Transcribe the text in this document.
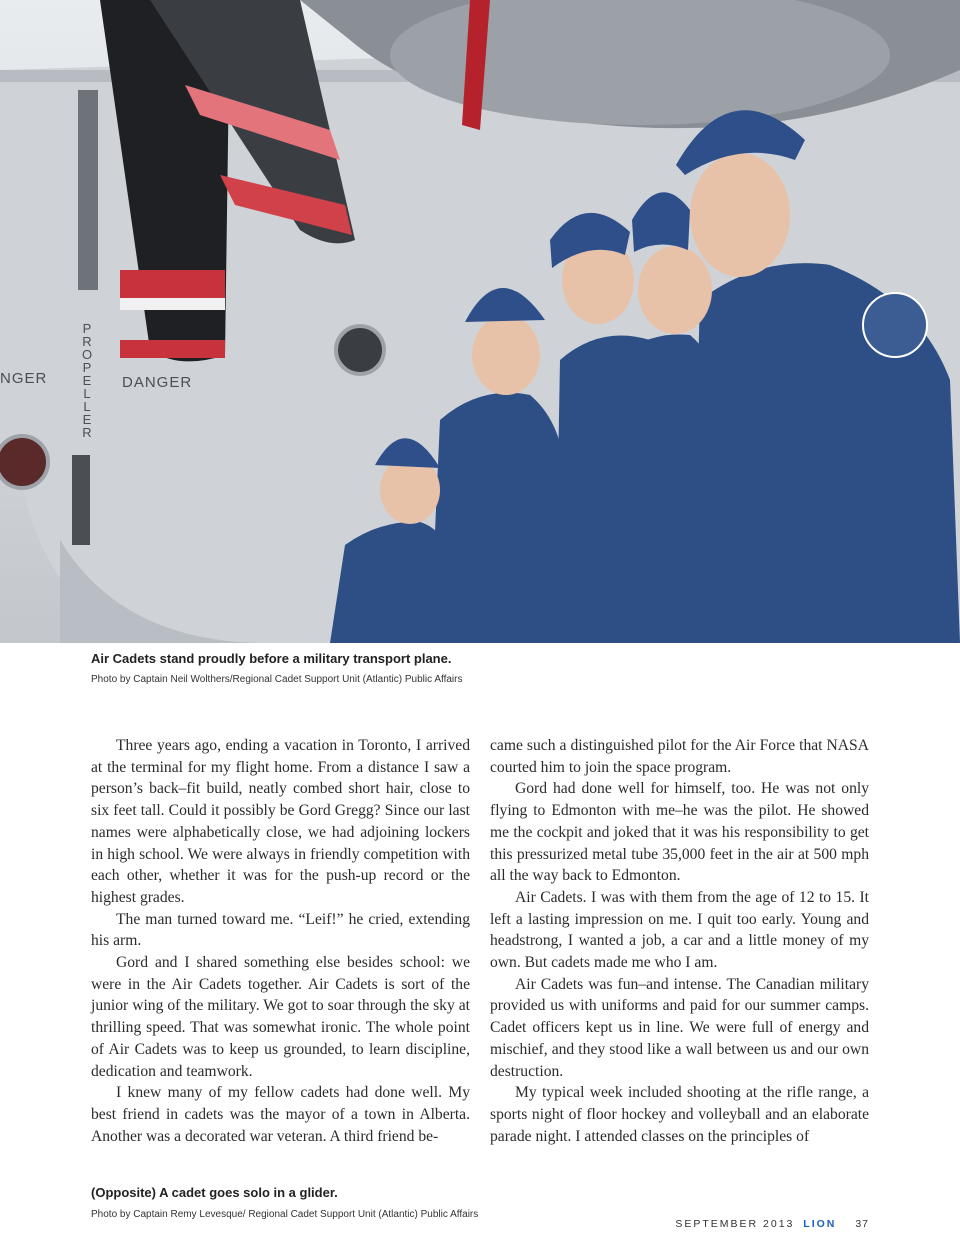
NGER	DANGER
PROPELLER

Air Cadets stand proudly before a military transport plane.

Photo by Captain Neil Wolthers/Regional Cadet Support Unit (Atlantic) Public Affairs

Three years ago, ending a vacation in Toronto, I arrived at the terminal for my flight home. From a distance I saw a person’s back–fit build, neatly combed short hair, close to six feet tall. Could it possibly be Gord Gregg? Since our last names were alphabetically close, we had adjoining lockers in high school. We were always in friendly competition with each other, whether it was for the push-up record or the highest grades.

The man turned toward me. “Leif!” he cried, extending his arm.

Gord and I shared something else besides school: we were in the Air Cadets together. Air Cadets is sort of the junior wing of the military. We got to soar through the sky at thrilling speed. That was somewhat ironic. The whole point of Air Cadets was to keep us grounded, to learn discipline, dedication and teamwork.

I knew many of my fellow cadets had done well. My best friend in cadets was the mayor of a town in Alberta. Another was a decorated war veteran. A third friend be-

came such a distinguished pilot for the Air Force that NASA courted him to join the space program.

Gord had done well for himself, too. He was not only flying to Edmonton with me–he was the pilot. He showed me the cockpit and joked that it was his responsibility to get this pressurized metal tube 35,000 feet in the air at 500 mph all the way back to Edmonton.

Air Cadets. I was with them from the age of 12 to 15. It left a lasting impression on me. I quit too early. Young and headstrong, I wanted a job, a car and a little money of my own. But cadets made me who I am.

Air Cadets was fun–and intense. The Canadian military provided us with uniforms and paid for our summer camps. Cadet officers kept us in line. We were full of energy and mischief, and they stood like a wall between us and our own destruction.

My typical week included shooting at the rifle range, a sports night of floor hockey and volleyball and an elaborate parade night. I attended classes on the principles of

(Opposite) A cadet goes solo in a glider.

Photo by Captain Remy Levesque/ Regional Cadet Support Unit (Atlantic) Public Affairs

SEPTEMBER 2013 LION 37
